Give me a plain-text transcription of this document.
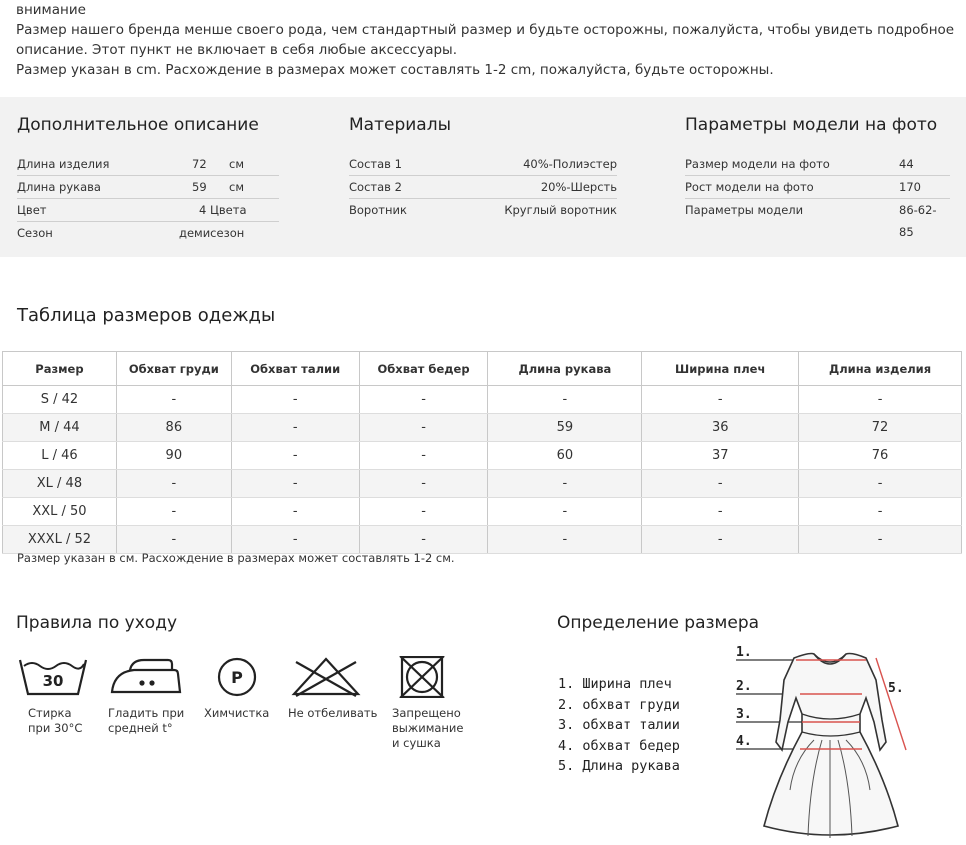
внимание
Размер нашего бренда менше своего рода, чем стандартный размер и будьте осторожны, пожалуйста, чтобы увидеть подробное
описание. Этот пункт не включает в себя любые аксессуары.
Размер указан в cm. Расхождение в размерах может составлять 1-2 cm, пожалуйста, будьте осторожны.
Дополнительное описание
Длина изделия	72 см
Длина рукава	59 см
Цвет	4 Цвета
Сезон	демисезон
Материалы
Состав 1	40%-Полиэстер
Состав 2	20%-Шерсть
Воротник	Круглый воротник
Параметры модели на фото
Размер модели на фото	44
Рост модели на фото	170
Параметры модели	86-62-85
Таблица размеров одежды
Размер	Обхват груди	Обхват талии	Обхват бедер	Длина рукава	Ширина плеч	Длина изделия
S / 42	-	-	-	-	-	-
M / 44	86	-	-	59	36	72
L / 46	90	-	-	60	37	76
XL / 48	-	-	-	-	-	-
XXL / 50	-	-	-	-	-	-
XXXL / 52	-	-	-	-	-	-
Размер указан в см. Расхождение в размерах может составлять 1-2 см.
Правила по уходу
30
Стирка
при 30°C
Гладить при
средней t°
P
Химчистка	Не отбеливать Запрещено
выжимание
и сушка
Определение размера
1. Ширина плеч
2. обхват груди
3. обхват талии
4. обхват бедер
5. Длина рукава
1.
2.
3.
4.
5.
